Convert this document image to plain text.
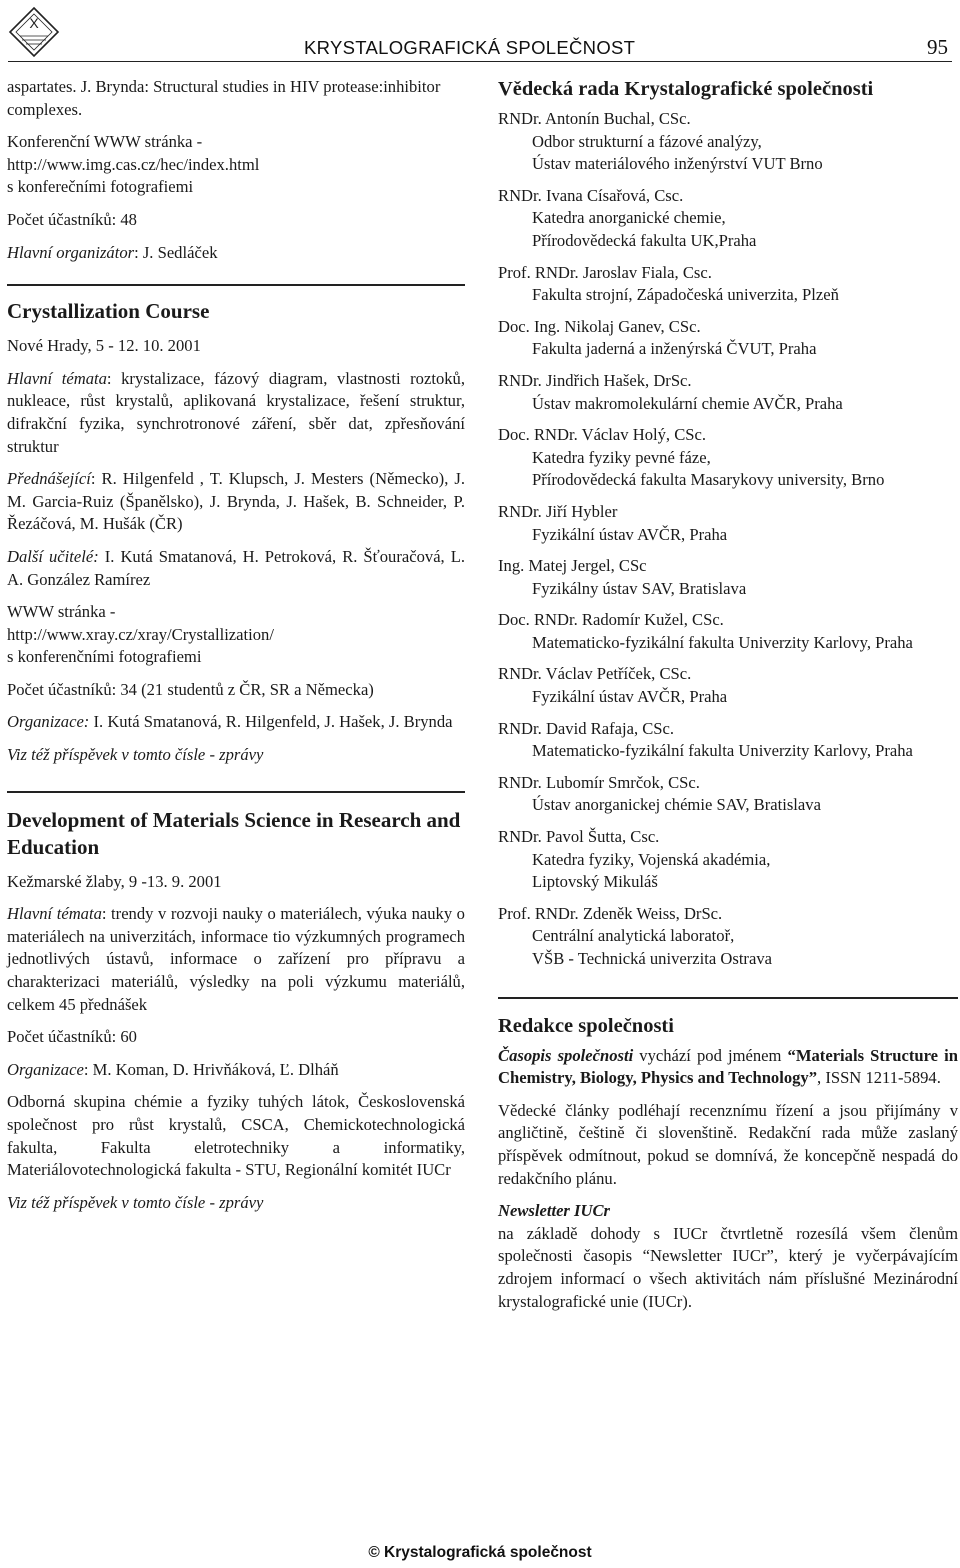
X
KRYSTALOGRAFICKÁ SPOLEČNOST	95

aspartates. J. Brynda: Structural studies in HIV protease:inhibitor complexes.

Konferenční WWW stránka -

http://www.img.cas.cz/hec/index.html

s konferečními fotografiemi

Počet účastníků: 48

Hlavní organizátor: J. Sedláček

Crystallization Course

Nové Hrady, 5 - 12. 10. 2001

Hlavní témata: krystalizace, fázový diagram, vlastnosti roztoků, nukleace, růst krystalů, aplikovaná krystalizace, řešení struktur, difrakční fyzika, synchrotronové záření, sběr dat, zpřesňování struktur

Přednášející: R. Hilgenfeld , T. Klupsch, J. Mesters (Německo), J. M. Garcia-Ruiz (Španělsko), J. Brynda, J. Hašek, B. Schneider, P. Řezáčová, M. Hušák (ČR)

Další učitelé: I. Kutá Smatanová, H. Petroková, R. Šťouračová, L. A. González Ramírez

WWW stránka -

http://www.xray.cz/xray/Crystallization/

s konferenčními fotografiemi

Počet účastníků: 34 (21 studentů z ČR, SR a Německa)

Organizace: I. Kutá Smatanová, R. Hilgenfeld, J. Hašek, J. Brynda

Viz též příspěvek v tomto čísle - zprávy

Development of Materials Science in Research and Education

Kežmarské žlaby, 9 -13. 9. 2001

Hlavní témata: trendy v rozvoji nauky o materiálech, výuka nauky o materiálech na univerzitách, informace tio výzkumných programech jednotlivých ústavů, informace o zařízení pro přípravu a charakterizaci materiálů, výsledky na poli výzkumu materiálů, celkem 45 přednášek

Počet účastníků: 60

Organizace: M. Koman, D. Hrivňáková, Ľ. Dlháň

Odborná skupina chémie a fyziky tuhých látok, Československá společnost pro růst krystalů, CSCA, Chemickotechnologická fakulta, Fakulta eletrotechniky a informatiky, Materiálovotechnologická fakulta - STU, Regionální komitét IUCr

Viz též příspěvek v tomto čísle - zprávy

Vědecká rada Krystalografické společnosti

RNDr. Antonín Buchal, CSc.

Odbor strukturní a fázové analýzy,

Ústav materiálového inženýrství VUT Brno

RNDr. Ivana Císařová, Csc.

Katedra anorganické chemie,

Přírodovědecká fakulta UK,Praha

Prof. RNDr. Jaroslav Fiala, Csc.

Fakulta strojní, Západočeská univerzita, Plzeň

Doc. Ing. Nikolaj Ganev, CSc.

Fakulta jaderná a inženýrská ČVUT, Praha

RNDr. Jindřich Hašek, DrSc.

Ústav makromolekulární chemie AVČR, Praha

Doc. RNDr. Václav Holý, CSc.

Katedra fyziky pevné fáze,

Přírodovědecká fakulta Masarykovy university, Brno

RNDr. Jiří Hybler

Fyzikální ústav AVČR, Praha

Ing. Matej Jergel, CSc

Fyzikálny ústav SAV, Bratislava

Doc. RNDr. Radomír Kužel, CSc.

Matematicko-fyzikální fakulta Univerzity Karlovy, Praha

RNDr. Václav Petříček, CSc.

Fyzikální ústav AVČR, Praha

RNDr. David Rafaja, CSc.

Matematicko-fyzikální fakulta Univerzity Karlovy, Praha

RNDr. Lubomír Smrčok, CSc.

Ústav anorganickej chémie SAV, Bratislava

RNDr. Pavol Šutta, Csc.

Katedra fyziky, Vojenská akadémia,

Liptovský Mikuláš

Prof. RNDr. Zdeněk Weiss, DrSc.

Centrální analytická laboratoř,

VŠB - Technická univerzita Ostrava

Redakce společnosti

Časopis společnosti vychází pod jménem “Materials Structure in Chemistry, Biology, Physics and Technology”, ISSN 1211-5894.

Vědecké články podléhají recenznímu řízení a jsou přijímány v angličtině, češtině či slovenštině. Redakční rada může zaslaný příspěvek odmítnout, pokud se domnívá, že koncepčně nespadá do redakčního plánu.

Newsletter IUCr

na základě dohody s IUCr čtvrtletně rozesílá všem členům společnosti časopis “Newsletter IUCr”, který je vyčerpávajícím zdrojem informací o všech aktivitách nám příslušné Mezinárodní krystalografické unie (IUCr).

© Krystalografická společnost
